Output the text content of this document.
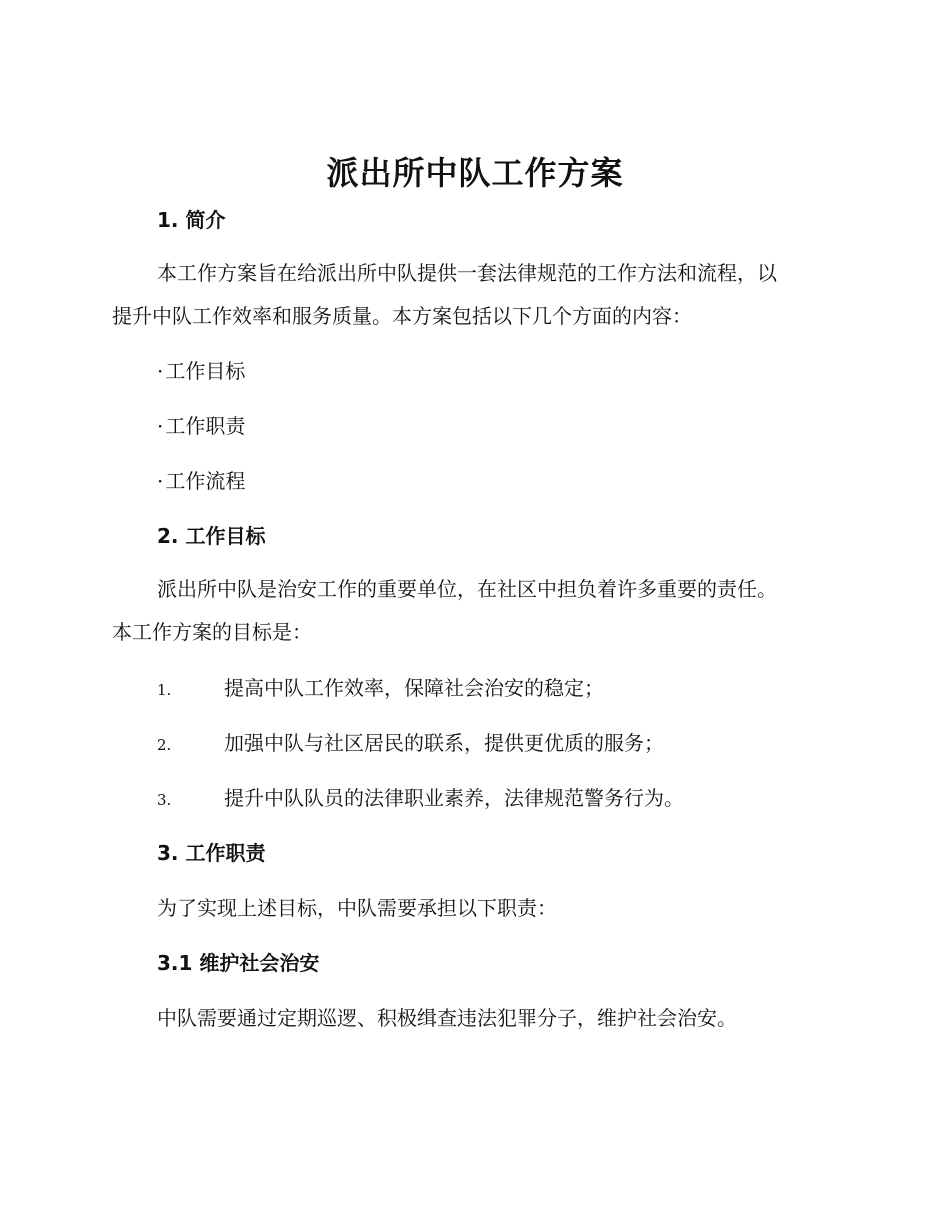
派出所中队工作方案
1. 简介
本工作方案旨在给派出所中队提供一套法律规范的工作方法和流程，以
提升中队工作效率和服务质量。本方案包括以下几个方面的内容：
· 工作目标
· 工作职责
· 工作流程
2. 工作目标
派出所中队是治安工作的重要单位，在社区中担负着许多重要的责任。
本工作方案的目标是：
1.	提高中队工作效率，保障社会治安的稳定；
2.	加强中队与社区居民的联系，提供更优质的服务；
3.	提升中队队员的法律职业素养，法律规范警务行为。
3. 工作职责
为了实现上述目标，中队需要承担以下职责：
3.1 维护社会治安
中队需要通过定期巡逻、积极缉查违法犯罪分子，维护社会治安。
